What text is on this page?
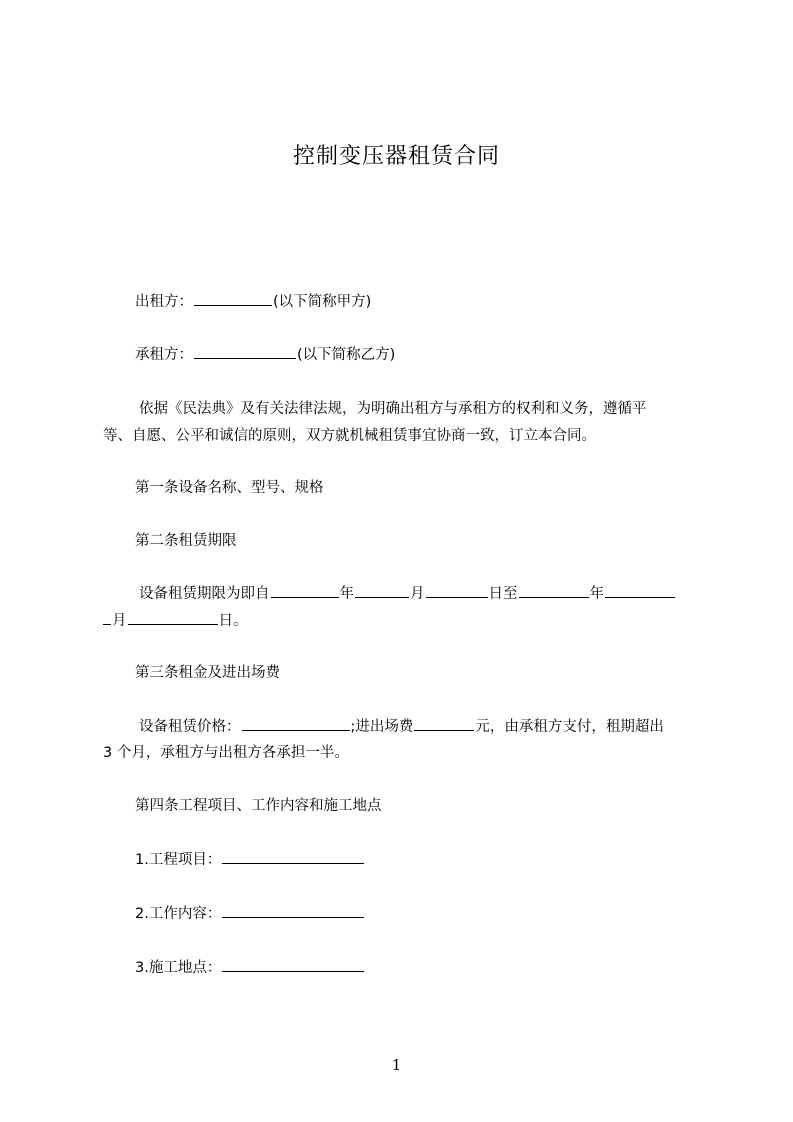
控制变压器租赁合同
出租方：	(以下简称甲方)
承租方：	(以下简称乙方)
依据《民法典》及有关法律法规，为明确出租方与承租方的权利和义务，遵循平
等、自愿、公平和诚信的原则，双方就机械租赁事宜协商一致，订立本合同。
第一条设备名称、型号、规格
第二条租赁期限
设备租赁期限为即自	年	月	日至	年
月	日。
第三条租金及进出场费
设备租赁价格：	;进出场费	元，由承租方支付，租期超出
3 个月，承租方与出租方各承担一半。
第四条工程项目、工作内容和施工地点
1.工程项目：
2.工作内容：
3.施工地点：
1
